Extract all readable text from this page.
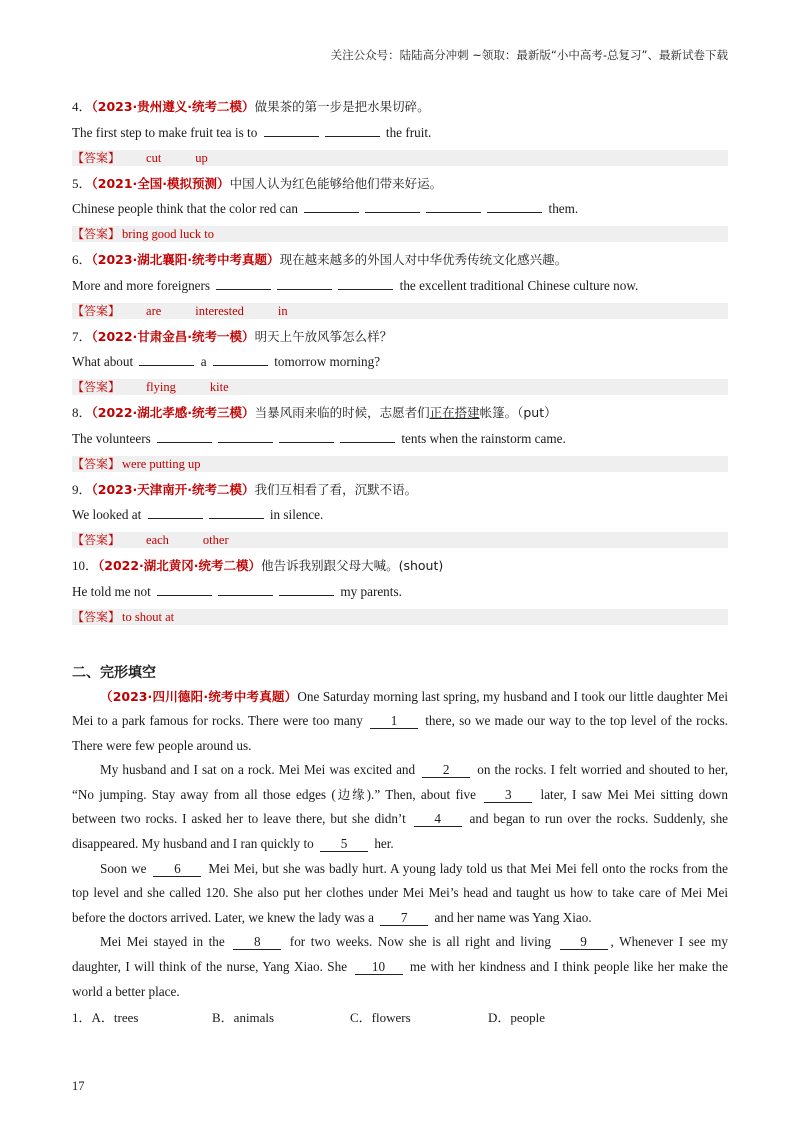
关注公众号：陆陆高分冲刺 ~领取：最新版“小中高考-总复习”、最新试卷下载
4．（2023·贵州遵义·统考二模）做果茶的第一步是把水果切碎。
The first step to make fruit tea is to	the fruit.
【答案】 cut	up
5．（2021·全国·模拟预测）中国人认为红色能够给他们带来好运。
Chinese people think that the color red can	them.
【答案】 bring good luck to
6．（2023·湖北襄阳·统考中考真题）现在越来越多的外国人对中华优秀传统文化感兴趣。
More and more foreigners	the excellent traditional Chinese culture now.
【答案】 are	interested	in
7．（2022·甘肃金昌·统考一模）明天上午放风筝怎么样？
What about	a	tomorrow morning?
【答案】 flying	kite
8．（2022·湖北孝感·统考三模）当暴风雨来临的时候，志愿者们正在搭建帐篷。（put）
The volunteers	tents when the rainstorm came.
【答案】 were putting up
9．（2023·天津南开·统考二模）我们互相看了看，沉默不语。
We looked at	in silence.
【答案】 each	other
10．（2022·湖北黄冈·统考二模）他告诉我别跟父母大喊。(shout)
He told me not	my parents.
【答案】 to shout at
二、完形填空

（2023·四川德阳·统考中考真题）One Saturday morning last spring, my husband and I took our little daughter Mei Mei to a park famous for rocks. There were too many 1 there, so we made our way to the top level of the rocks. There were few people around us.

My husband and I sat on a rock. Mei Mei was excited and 2 on the rocks. I felt worried and shouted to her, “No jumping. Stay away from all those edges (边缘).” Then, about five 3 later, I saw Mei Mei sitting down between two rocks. I asked her to leave there, but she didn’t 4 and began to run over the rocks. Suddenly, she disappeared. My husband and I ran quickly to 5 her.

Soon we 6 Mei Mei, but she was badly hurt. A young lady told us that Mei Mei fell onto the rocks from the top level and she called 120. She also put her clothes under Mei Mei’s head and taught us how to take care of Mei Mei before the doctors arrived. Later, we knew the lady was a 7 and her name was Yang Xiao.

Mei Mei stayed in the 8 for two weeks. Now she is all right and living 9 , Whenever I see my daughter, I will think of the nurse, Yang Xiao. She 10 me with her kindness and I think people like her make the world a better place.

1．A．trees	B．animals	C．flowers	D．people
17
